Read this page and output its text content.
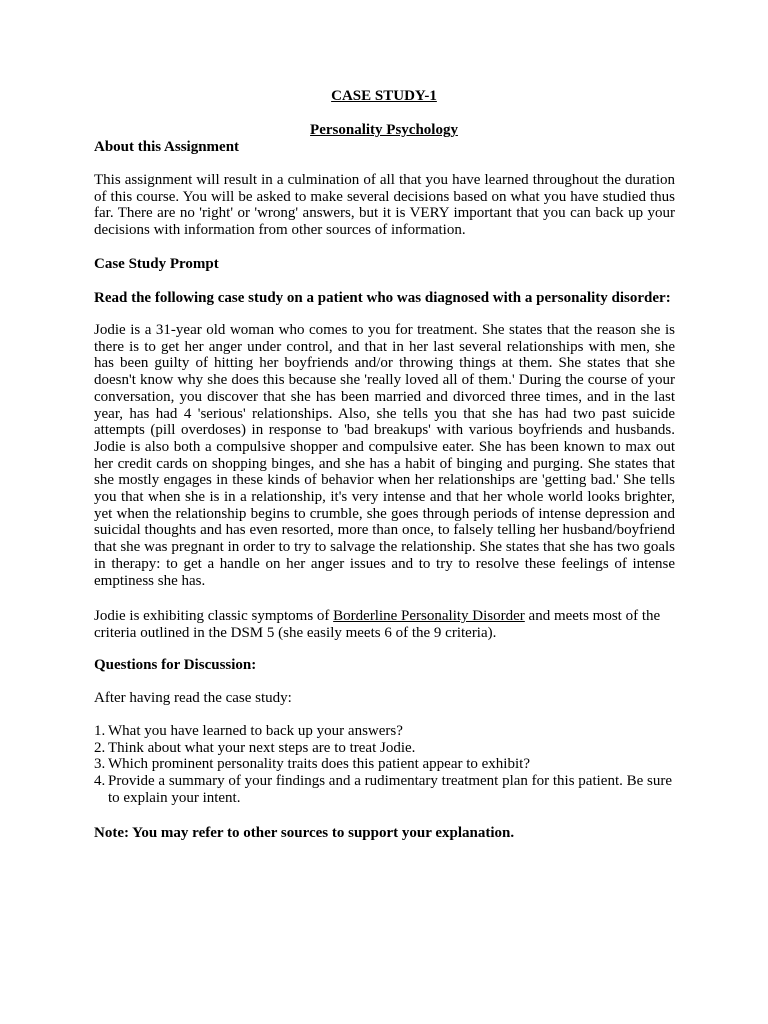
CASE STUDY-1

Personality Psychology

About this Assignment

This assignment will result in a culmination of all that you have learned throughout the duration of this course. You will be asked to make several decisions based on what you have studied thus far. There are no 'right' or 'wrong' answers, but it is VERY important that you can back up your decisions with information from other sources of information.

Case Study Prompt

Read the following case study on a patient who was diagnosed with a personality disorder:

Jodie is a 31-year old woman who comes to you for treatment. She states that the reason she is there is to get her anger under control, and that in her last several relationships with men, she has been guilty of hitting her boyfriends and/or throwing things at them. She states that she doesn't know why she does this because she 'really loved all of them.' During the course of your conversation, you discover that she has been married and divorced three times, and in the last year, has had 4 'serious' relationships. Also, she tells you that she has had two past suicide attempts (pill overdoses) in response to 'bad breakups' with various boyfriends and husbands. Jodie is also both a compulsive shopper and compulsive eater. She has been known to max out her credit cards on shopping binges, and she has a habit of binging and purging. She states that she mostly engages in these kinds of behavior when her relationships are 'getting bad.' She tells you that when she is in a relationship, it's very intense and that her whole world looks brighter, yet when the relationship begins to crumble, she goes through periods of intense depression and suicidal thoughts and has even resorted, more than once, to falsely telling her husband/boyfriend that she was pregnant in order to try to salvage the relationship. She states that she has two goals in therapy: to get a handle on her anger issues and to try to resolve these feelings of intense emptiness she has.

Jodie is exhibiting classic symptoms of Borderline Personality Disorder and meets most of the criteria outlined in the DSM 5 (she easily meets 6 of the 9 criteria).

Questions for Discussion:

After having read the case study:

1. What you have learned to back up your answers?
2. Think about what your next steps are to treat Jodie.
3. Which prominent personality traits does this patient appear to exhibit?
4. Provide a summary of your findings and a rudimentary treatment plan for this patient. Be sure to explain your intent.

Note: You may refer to other sources to support your explanation.
